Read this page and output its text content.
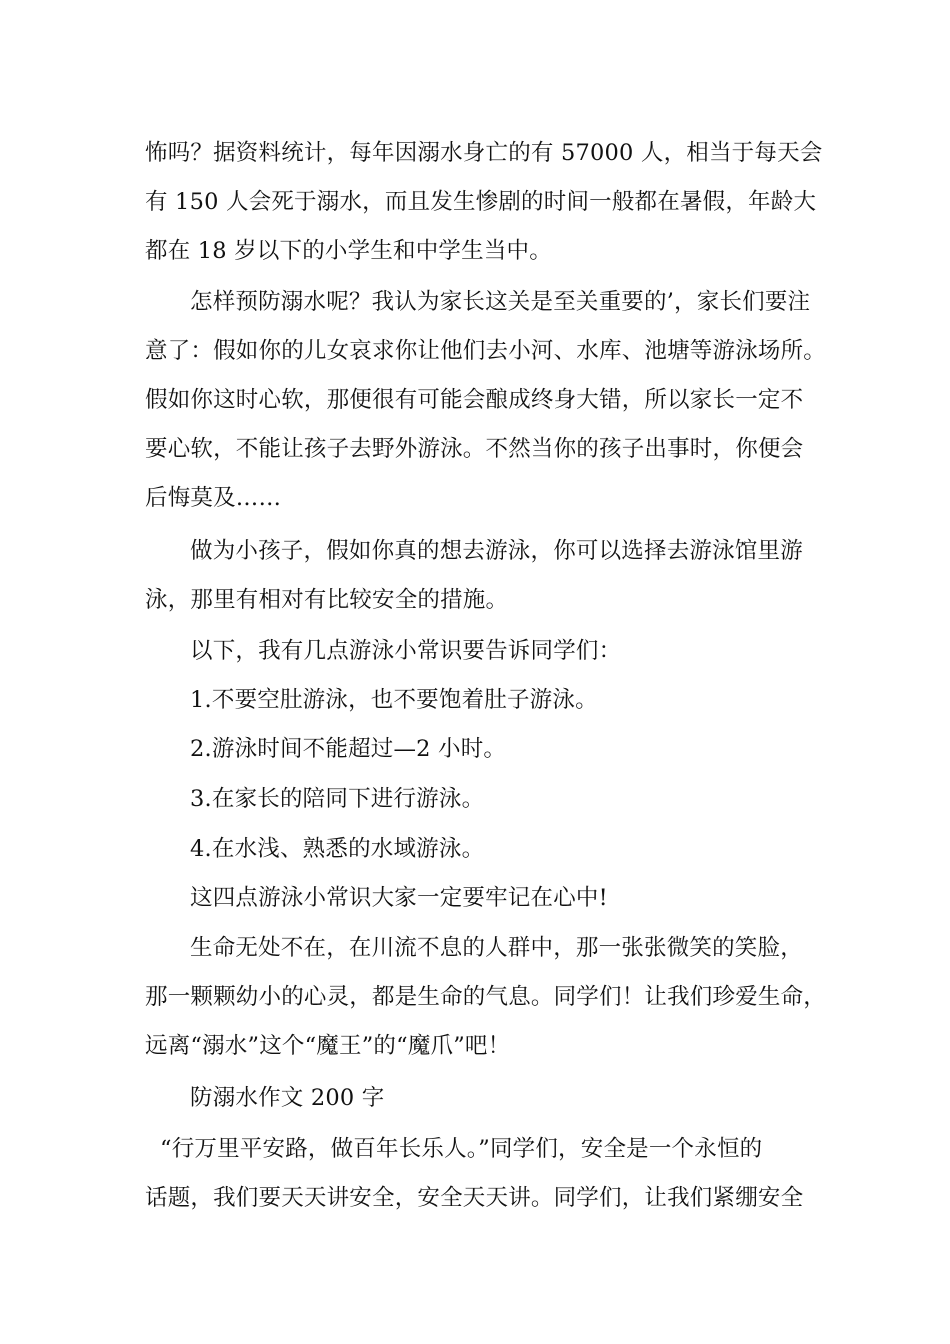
怖吗？据资料统计，每年因溺水身亡的有 57000 人，相当于每天会
有 150 人会死于溺水，而且发生惨剧的时间一般都在暑假，年龄大
都在 18 岁以下的小学生和中学生当中。
怎样预防溺水呢？我认为家长这关是至关重要的’，家长们要注
意了：假如你的儿女哀求你让他们去小河、水库、池塘等游泳场所。
假如你这时心软，那便很有可能会酿成终身大错，所以家长一定不
要心软，不能让孩子去野外游泳。不然当你的孩子出事时，你便会
后悔莫及……
做为小孩子，假如你真的想去游泳，你可以选择去游泳馆里游
泳，那里有相对有比较安全的措施。
以下，我有几点游泳小常识要告诉同学们：
1.不要空肚游泳，也不要饱着肚子游泳。
2.游泳时间不能超过—2 小时。
3.在家长的陪同下进行游泳。
4.在水浅、熟悉的水域游泳。
这四点游泳小常识大家一定要牢记在心中!
生命无处不在，在川流不息的人群中，那一张张微笑的笑脸，
那一颗颗幼小的心灵，都是生命的气息。同学们！让我们珍爱生命，
远离“溺水”这个“魔王”的“魔爪”吧！
防溺水作文 200 字
“行万里平安路，做百年长乐人。”同学们，安全是一个永恒的
话题，我们要天天讲安全，安全天天讲。同学们，让我们紧绷安全
